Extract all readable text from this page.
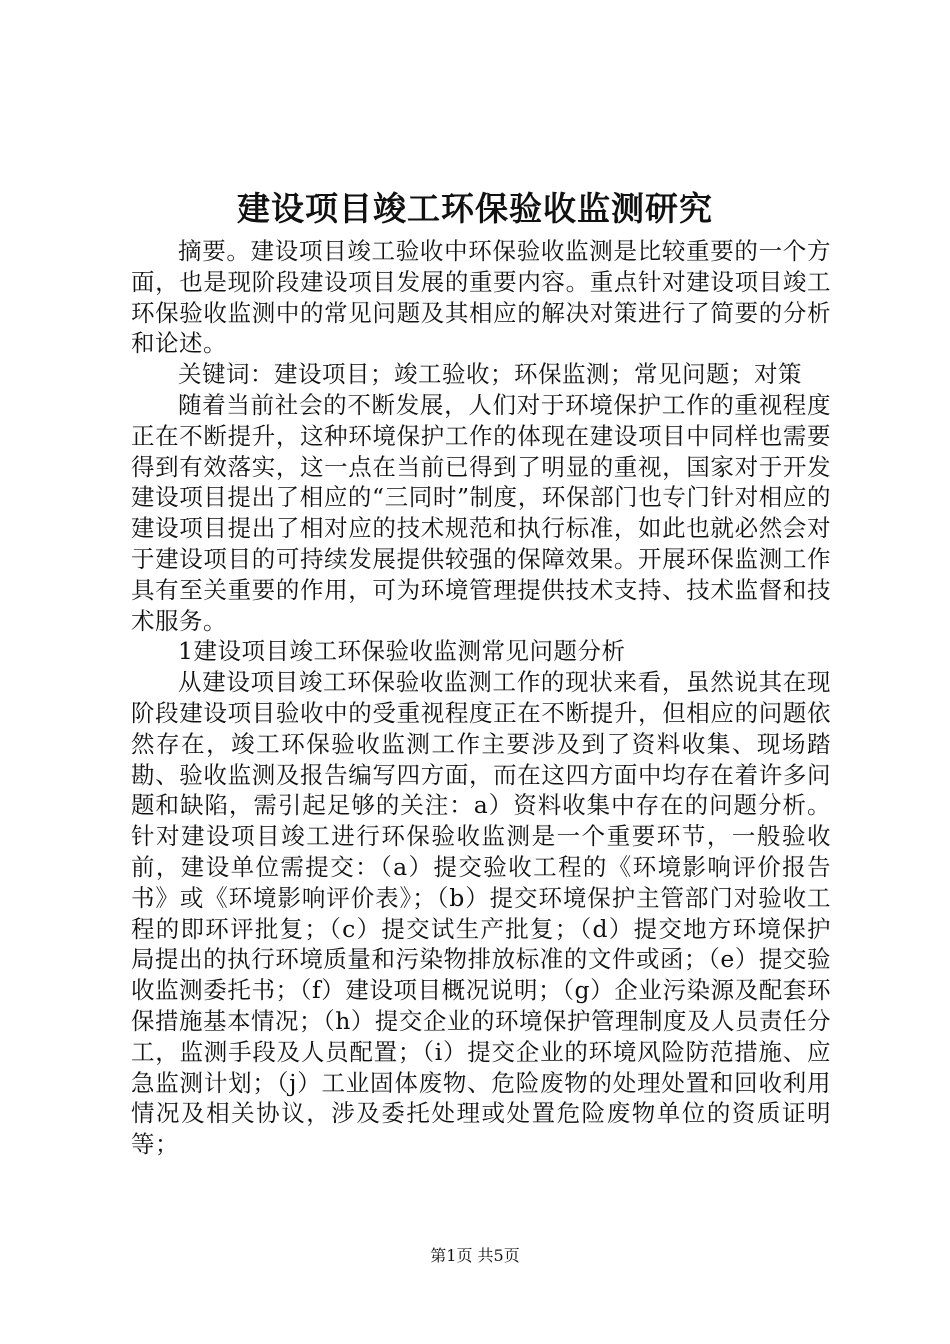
建设项目竣工环保验收监测研究

摘要。建设项目竣工验收中环保验收监测是比较重要的一个方面，也是现阶段建设项目发展的重要内容。重点针对建设项目竣工环保验收监测中的常见问题及其相应的解决对策进行了简要的分析和论述。

关键词：建设项目；竣工验收；环保监测；常见问题；对策

随着当前社会的不断发展，人们对于环境保护工作的重视程度正在不断提升，这种环境保护工作的体现在建设项目中同样也需要得到有效落实，这一点在当前已得到了明显的重视，国家对于开发建设项目提出了相应的“三同时”制度，环保部门也专门针对相应的建设项目提出了相对应的技术规范和执行标准，如此也就必然会对于建设项目的可持续发展提供较强的保障效果。开展环保监测工作具有至关重要的作用，可为环境管理提供技术支持、技术监督和技术服务。

1建设项目竣工环保验收监测常见问题分析

从建设项目竣工环保验收监测工作的现状来看，虽然说其在现阶段建设项目验收中的受重视程度正在不断提升，但相应的问题依然存在，竣工环保验收监测工作主要涉及到了资料收集、现场踏勘、验收监测及报告编写四方面，而在这四方面中均存在着许多问题和缺陷，需引起足够的关注：a）资料收集中存在的问题分析。针对建设项目竣工进行环保验收监测是一个重要环节，一般验收前，建设单位需提交：（a）提交验收工程的《环境影响评价报告书》或《环境影响评价表》；（b）提交环境保护主管部门对验收工程的即环评批复；（c）提交试生产批复；（d）提交地方环境保护局提出的执行环境质量和污染物排放标准的文件或函；（e）提交验收监测委托书；（f）建设项目概况说明；（g）企业污染源及配套环保措施基本情况；（h）提交企业的环境保护管理制度及人员责任分工，监测手段及人员配置；（i）提交企业的环境风险防范措施、应急监测计划；（j）工业固体废物、危险废物的处理处置和回收利用情况及相关协议，涉及委托处理或处置危险废物单位的资质证明等；

第1页 共5页
